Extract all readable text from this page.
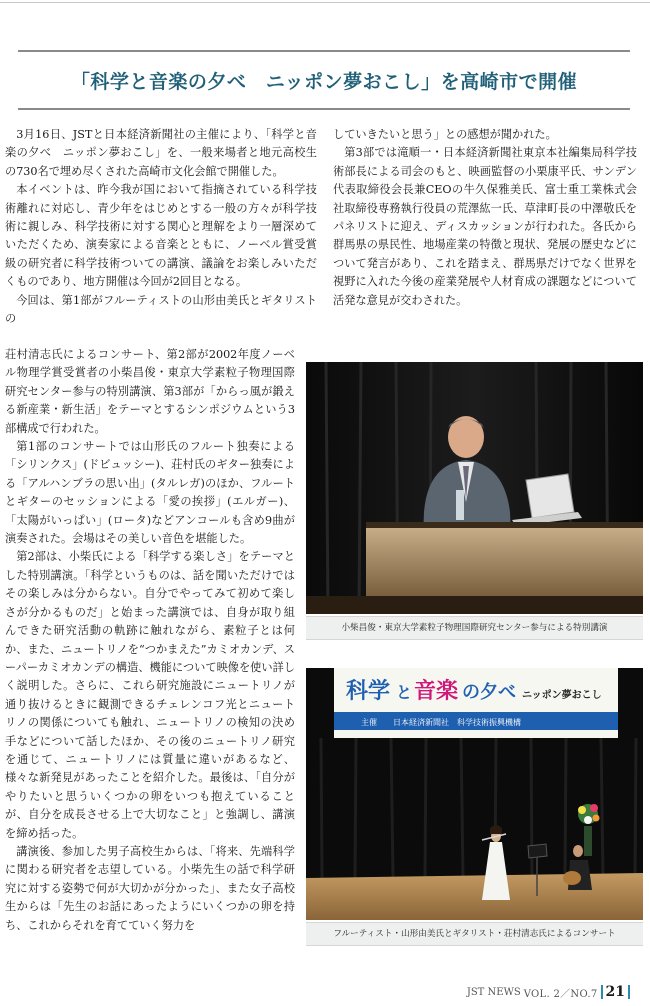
「科学と音楽の夕べ　ニッポン夢おこし」を高崎市で開催

3月16日、JSTと日本経済新聞社の主催により、「科学と音楽の夕べ　ニッポン夢おこし」を、一般来場者と地元高校生の730名で埋め尽くされた高崎市文化会館で開催した。

本イベントは、昨今我が国において指摘されている科学技術離れに対応し、青少年をはじめとする一般の方々が科学技術に親しみ、科学技術に対する関心と理解をより一層深めていただくため、演奏家による音楽とともに、ノーベル賞受賞級の研究者に科学技術ついての講演、議論をお楽しみいただくものであり、地方開催は今回が2回目となる。

今回は、第1部がフルーティストの山形由美氏とギタリストの

荘村清志氏によるコンサート、第2部が2002年度ノーベル物理学賞受賞者の小柴昌俊・東京大学素粒子物理国際研究センター参与の特別講演、第3部が「からっ風が鍛える新産業・新生活」をテーマとするシンポジウムという3部構成で行われた。

第1部のコンサートでは山形氏のフルート独奏による「シリンクス」(ドビュッシー)、荘村氏のギター独奏による「アルハンブラの思い出」(タルレガ)のほか、フルートとギターのセッションによる「愛の挨拶」(エルガー)、「太陽がいっぱい」(ロータ)などアンコールも含め9曲が演奏された。会場はその美しい音色を堪能した。

第2部は、小柴氏による「科学する楽しさ」をテーマとした特別講演。「科学というものは、話を聞いただけではその楽しみは分からない。自分でやってみて初めて楽しさが分かるものだ」と始まった講演では、自身が取り組んできた研究活動の軌跡に触れながら、素粒子とは何か、また、ニュートリノを“つかまえた”カミオカンデ、スーパーカミオカンデの構造、機能について映像を使い詳しく説明した。さらに、これら研究施設にニュートリノが通り抜けるときに観測できるチェレンコフ光とニュートリノの関係についても触れ、ニュートリノの検知の決め手などについて話したほか、その後のニュートリノ研究を通じて、ニュートリノには質量に違いがあるなど、様々な新発見があったことを紹介した。最後は、「自分がやりたいと思ういくつかの卵をいつも抱えていることが、自分を成長させる上で大切なこと」と強調し、講演を締め括った。

講演後、参加した男子高校生からは、「将来、先端科学に関わる研究者を志望している。小柴先生の話で科学研究に対する姿勢で何が大切かが分かった」、また女子高校生からは「先生のお話にあったようにいくつかの卵を持ち、これからそれを育てていく努力を

していきたいと思う」との感想が聞かれた。

第3部では滝順一・日本経済新聞社東京本社編集局科学技術部長による司会のもと、映画監督の小栗康平氏、サンデン代表取締役会長兼CEOの牛久保雅美氏、富士重工業株式会社取締役専務執行役員の荒澤紘一氏、草津町長の中澤敬氏をパネリストに迎え、ディスカッションが行われた。各氏から群馬県の県民性、地場産業の特徴と現状、発展の歴史などについて発言があり、これを踏まえ、群馬県だけでなく世界を視野に入れた今後の産業発展や人材育成の課題などについて活発な意見が交わされた。

小柴昌俊・東京大学素粒子物理国際研究センター参与による特別講演
科学 と 音楽 の夕べ ニッポン夢おこし
主催　　日本経済新聞社　科学技術振興機構
フルーティスト・山形由美氏とギタリスト・荘村清志氏によるコンサート
JST NEWS VOL. 2／NO.7 21
